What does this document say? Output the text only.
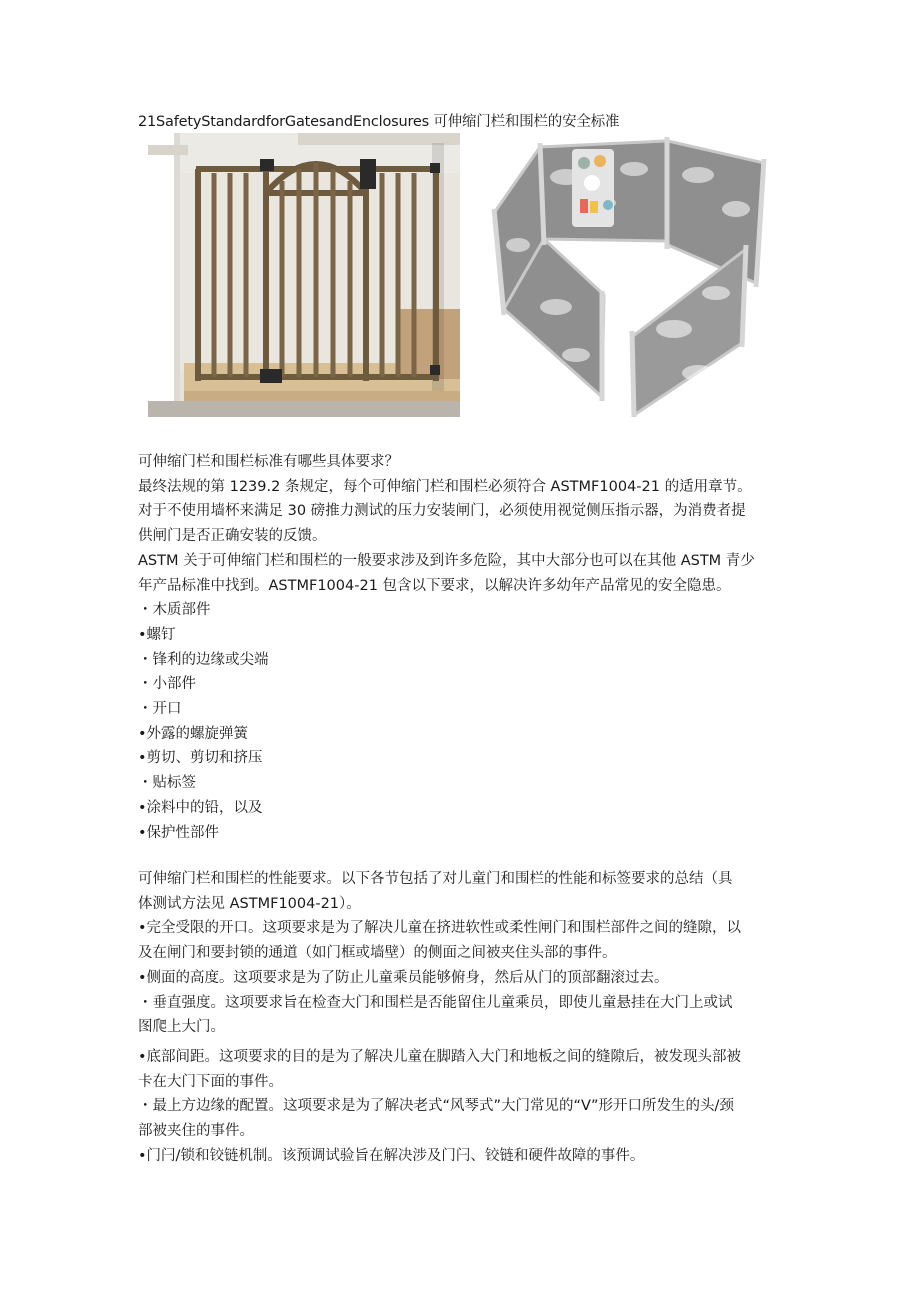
21SafetyStandardforGatesandEnclosures 可伸缩门栏和围栏的安全标准

可伸缩门栏和围栏标准有哪些具体要求？

最终法规的第 1239.2 条规定，每个可伸缩门栏和围栏必须符合 ASTMF1004-21 的适用章节。

对于不使用墙杯来满足 30 磅推力测试的压力安装闸门，必须使用视觉侧压指示器，为消费者提

供闸门是否正确安装的反馈。

ASTM 关于可伸缩门栏和围栏的一般要求涉及到许多危险，其中大部分也可以在其他 ASTM 青少

年产品标准中找到。ASTMF1004-21 包含以下要求，以解决许多幼年产品常见的安全隐患。

・木质部件
•螺钉
・锋利的边缘或尖端
・小部件
・开口
•外露的螺旋弹簧
•剪切、剪切和挤压
・贴标签
•涂料中的铅，以及
•保护性部件

可伸缩门栏和围栏的性能要求。以下各节包括了对儿童门和围栏的性能和标签要求的总结（具

体测试方法见 ASTMF1004-21）。

•完全受限的开口。这项要求是为了解决儿童在挤进软性或柔性闸门和围栏部件之间的缝隙，以

及在闸门和要封锁的通道（如门框或墙壁）的侧面之间被夹住头部的事件。

•侧面的高度。这项要求是为了防止儿童乘员能够俯身，然后从门的顶部翻滚过去。

・垂直强度。这项要求旨在检查大门和围栏是否能留住儿童乘员，即使儿童悬挂在大门上或试

图爬上大门。

•底部间距。这项要求的目的是为了解决儿童在脚踏入大门和地板之间的缝隙后，被发现头部被

卡在大门下面的事件。

・最上方边缘的配置。这项要求是为了解决老式“风琴式”大门常见的“V”形开口所发生的头/颈

部被夹住的事件。

•门闩/锁和铰链机制。该预调试验旨在解决涉及门闩、铰链和硬件故障的事件。
